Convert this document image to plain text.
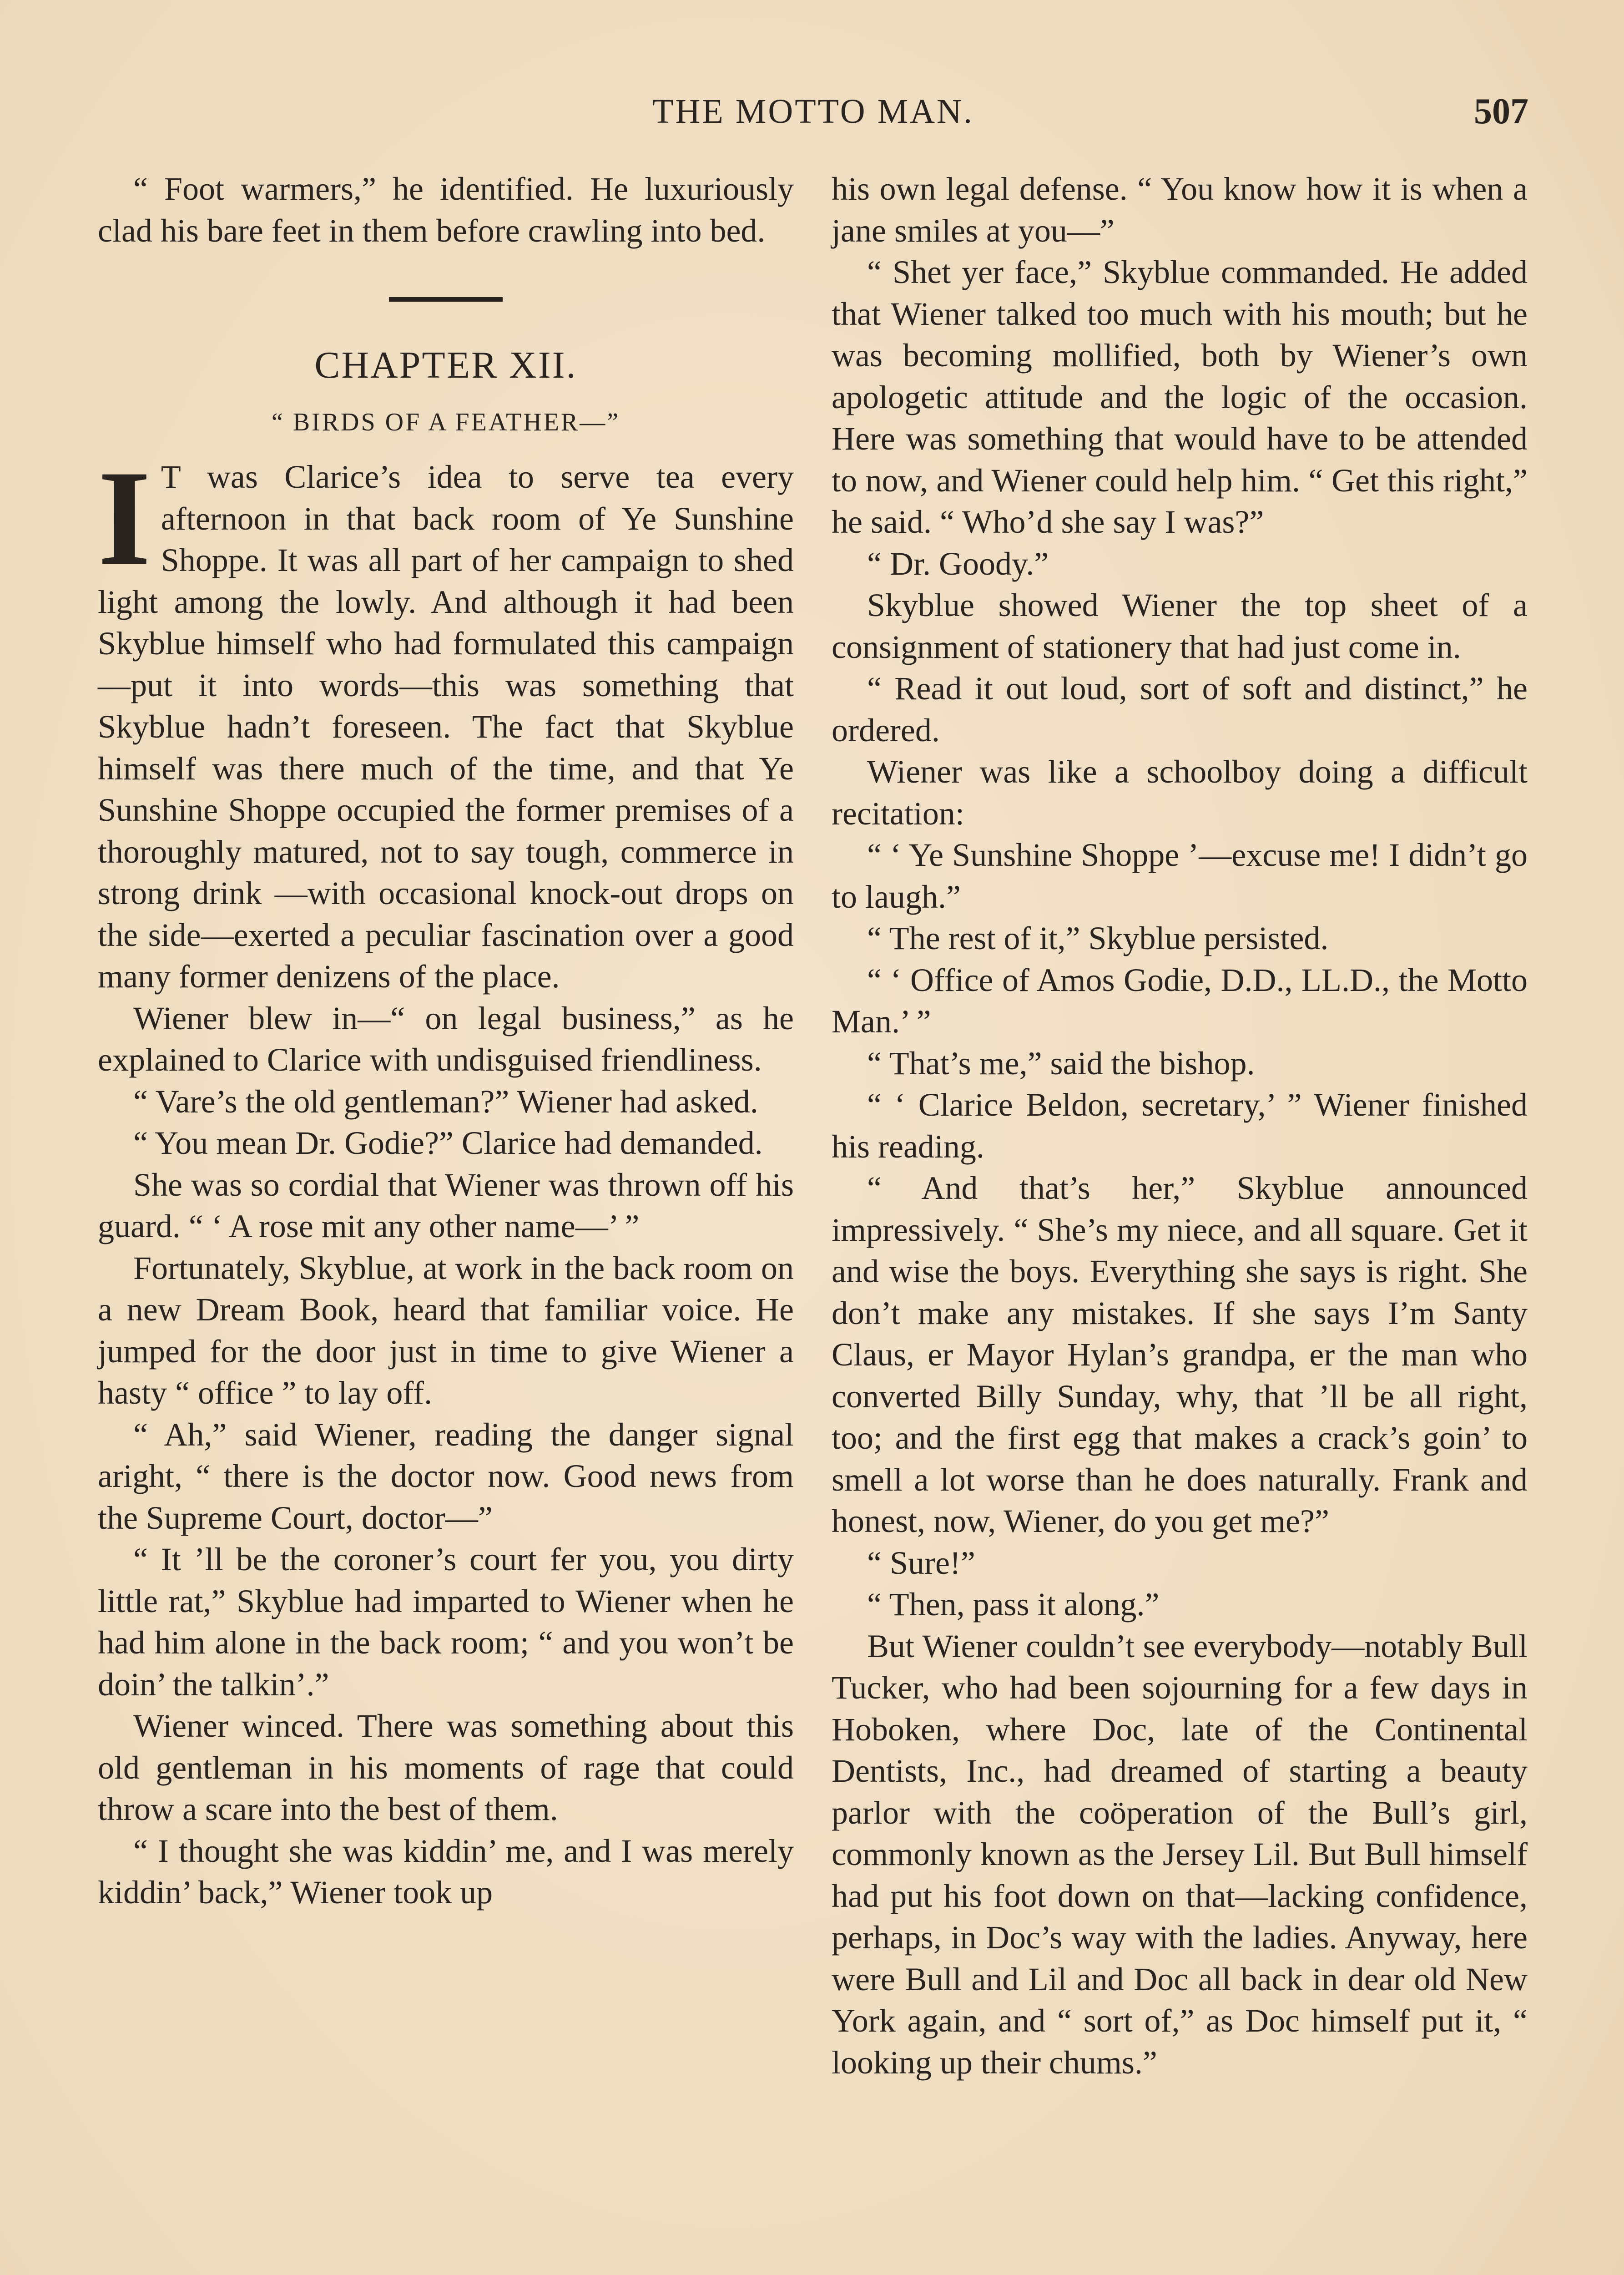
THE MOTTO MAN.	507

“ Foot warmers,” he identified. He luxuriously clad his bare feet in them before crawling into bed.

CHAPTER XII.
“ BIRDS OF A FEATHER—”

I T was Clarice’s idea to serve tea every afternoon in that back room of Ye Sunshine Shoppe. It was all part of her campaign to shed light among the lowly. And although it had been Skyblue himself who had formulated this campaign —put it into words—this was something that Skyblue hadn’t foreseen. The fact that Skyblue himself was there much of the time, and that Ye Sunshine Shoppe occupied the former premises of a thoroughly matured, not to say tough, commerce in strong drink —with occasional knock-out drops on the side—exerted a peculiar fascination over a good many former denizens of the place.

Wiener blew in—“ on legal business,” as he explained to Clarice with undisguised friendliness.

“ Vare’s the old gentleman?” Wiener had asked.

“ You mean Dr. Godie?” Clarice had demanded.

She was so cordial that Wiener was thrown off his guard. “ ‘ A rose mit any other name—’ ”

Fortunately, Skyblue, at work in the back room on a new Dream Book, heard that familiar voice. He jumped for the door just in time to give Wiener a hasty “ office ” to lay off.

“ Ah,” said Wiener, reading the danger signal aright, “ there is the doctor now. Good news from the Supreme Court, doctor—”

“ It ’ll be the coroner’s court fer you, you dirty little rat,” Skyblue had imparted to Wiener when he had him alone in the back room; “ and you won’t be doin’ the talkin’.”

Wiener winced. There was something about this old gentleman in his moments of rage that could throw a scare into the best of them.

“ I thought she was kiddin’ me, and I was merely kiddin’ back,” Wiener took up

his own legal defense. “ You know how it is when a jane smiles at you—”

“ Shet yer face,” Skyblue commanded. He added that Wiener talked too much with his mouth; but he was becoming mollified, both by Wiener’s own apologetic attitude and the logic of the occasion. Here was something that would have to be attended to now, and Wiener could help him. “ Get this right,” he said. “ Who’d she say I was?”

“ Dr. Goody.”

Skyblue showed Wiener the top sheet of a consignment of stationery that had just come in.

“ Read it out loud, sort of soft and distinct,” he ordered.

Wiener was like a schoolboy doing a difficult recitation:

“ ‘ Ye Sunshine Shoppe ’—excuse me! I didn’t go to laugh.”

“ The rest of it,” Skyblue persisted.

“ ‘ Office of Amos Godie, D.D., LL.D., the Motto Man.’ ”

“ That’s me,” said the bishop.

“ ‘ Clarice Beldon, secretary,’ ” Wiener finished his reading.

“ And that’s her,” Skyblue announced impressively. “ She’s my niece, and all square. Get it and wise the boys. Everything she says is right. She don’t make any mistakes. If she says I’m Santy Claus, er Mayor Hylan’s grandpa, er the man who converted Billy Sunday, why, that ’ll be all right, too; and the first egg that makes a crack’s goin’ to smell a lot worse than he does naturally. Frank and honest, now, Wiener, do you get me?”

“ Sure!”

“ Then, pass it along.”

But Wiener couldn’t see everybody—notably Bull Tucker, who had been sojourning for a few days in Hoboken, where Doc, late of the Continental Dentists, Inc., had dreamed of starting a beauty parlor with the coöperation of the Bull’s girl, commonly known as the Jersey Lil. But Bull himself had put his foot down on that—lacking confidence, perhaps, in Doc’s way with the ladies. Anyway, here were Bull and Lil and Doc all back in dear old New York again, and “ sort of,” as Doc himself put it, “ looking up their chums.”
